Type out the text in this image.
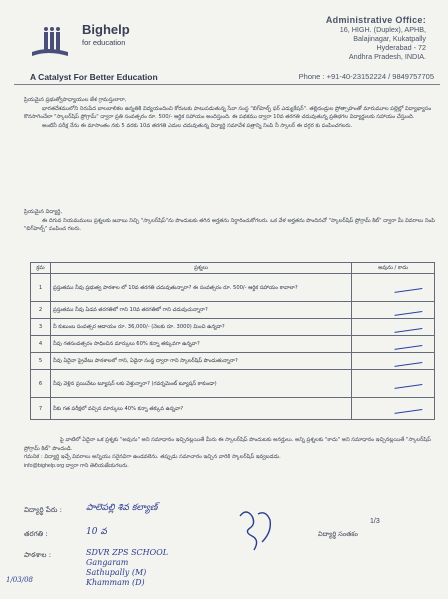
Bighelp
for education
A Catalyst For Better Education
Administrative Office:
16, HIGH. (Duplex), APHB,
Balajinagar, Kukatpally
Hyderabad - 72
Andhra Pradesh, INDIA.
Phone : +91-40-23152224 / 9849757705

ప్రియమైన ప్రభుత్వోపాధ్యాయుల జేశ గ్రామస్తులారా,

భారతదేశములోని నిరుపేద బాలబాలికల ఉన్నతికి విద్యయందించి కోరుటకు పాటుపడుతున్న సేవా సంస్థ "బిగ్‌హెల్ప్ ఫర్ ఎడ్యుకేషన్". తల్లిదండ్రుల ప్రోత్సాహంతో మారుమూల పల్లెల్లో విద్యాభ్యాసం కొనసాగించేలా "స్కాలర్‌షిప్ ప్రోగ్రామ్" ద్వారా ప్రతి సంవత్సరం రూ. 500/- ఆర్థిక సహాయం అందిస్తుంది. ఈ పథకము ద్వారా 10వ తరగతి చదువుతున్న ప్రతిభగల విద్యార్థులకు సహాయం చేస్తుంది.

అంటినీ పరీక్ష నేను ఈ మాసాంతం నకు 5 వరకు 10వ తరగతి ఎదుల చదువుతున్న విద్యార్థి సమావేశ పత్రాన్ని నింపి నీ స్కాలర్ ఈ దగ్గర కు పంపించగలరు.

ప్రియమైన విద్యార్థి,

ఈ దిగువ నియమములు ప్రశ్నలకు జవాబు నిచ్చి "స్కాలర్‌షిప్‌"ను పొందుటకు తగిన అర్హతను నిర్ధారించుకోగలరు. ఒక వేళ అర్హతను పొందినచో "స్కాలర్‌షిప్ ప్రోగ్రామ్ కిట్" ద్వారా మీ వివరాలు నింపి "బిగ్‌హెల్ప్‌" పంపించ గలరు.

క్రమ	ప్రశ్నలు	అవును / కాదు
1	ప్రస్తుతము నీవు ప్రభుత్వ పాఠశాల లో 10వ తరగతి చదువుతున్నారా? ఈ సంవత్సరం రూ. 500/- ఆర్థిక సహాయం కావాలా?	

2	ప్రస్తుతము నీవు ఏడవ తరగతిలో గాని 10వ తరగతిలో గాని చదువుచున్నారా?	

3	నీ కుటుంబ సంవత్సర ఆదాయం రూ. 36,000/- (నెలకు రూ. 3000) మించి ఉన్నదా?	

4	నీవు గతసంవత్సరం సాధించిన మార్కులు 60% కన్నా తక్కువగా ఉన్నవా?	

5	నీవు ఏదైనా ప్రైవేటు పాఠశాలలో గాని, ఏదైనా సంస్థ ద్వారా గాని స్కాలర్‌షిప్ పొందుతున్నారా?	

6	నీవు వెళ్లిన ప్రయివేటు ట్యూషన్ లకు వెళ్తున్నారా? (గవర్నమెంట్ ట్యూషన్ కాకుండా)	

7	నీకు గత పరీక్షలో వచ్చిన మార్కులు 40% కన్నా తక్కువ ఉన్నవా?	

పై వాటిలో ఏదైనా ఒక ప్రశ్నకు "అవును" అని సమాధానం ఇచ్చినట్లయితే మీరు ఈ స్కాలర్‌షిప్ పొందుటకు అనర్హులు. అన్ని ప్రశ్నలకు "కాదు" అని సమాధానం ఇచ్చినట్లయితే "స్కాలర్‌షిప్ ప్రోగ్రామ్ కిట్" పొందండి.

గమనిక : విద్యార్థి ఇచ్చే వివరాలు అన్నియు సరైనవిగా ఉండవలెను. తప్పుడు సమాచారం ఇచ్చిన వారికి స్కాలర్‌షిప్ ఇవ్వబడదు.

info@bighelp.org ద్వారా గాని తెలియజేయగలరు.

విద్యార్థి పేరు :	పాలెపల్లి శివ కల్యాణ్
తరగతి :	10 వ
పాఠశాల :	SDVR ZPS SCHOOL
Gangaram
Sathupally (M)
Khammam (D)
1/3
విద్యార్థి సంతకం
1/03/08
